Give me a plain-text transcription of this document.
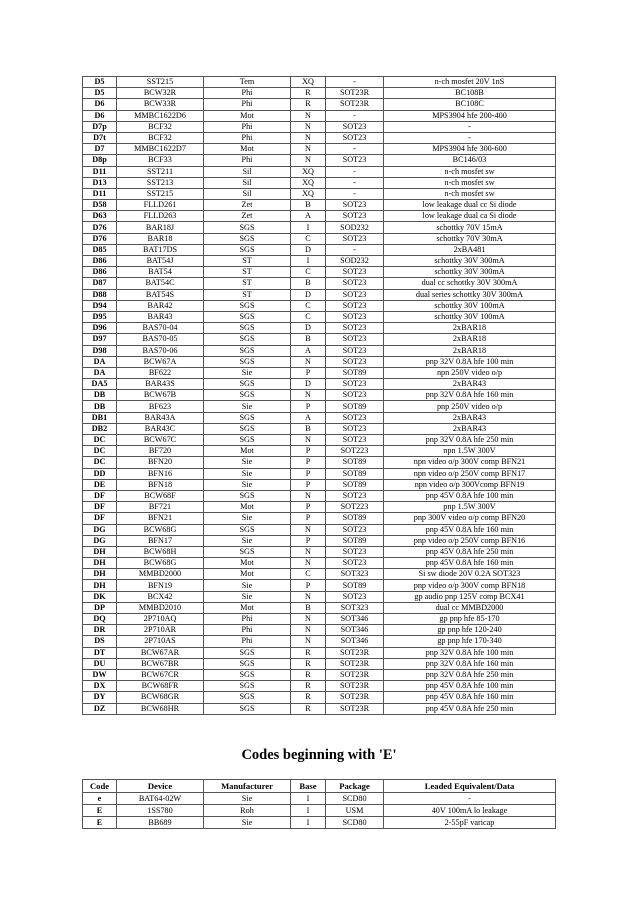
D5	SST215	Tem	XQ	-	n-ch mosfet 20V 1nS
D5	BCW32R	Phi	R	SOT23R	BC108B
D6	BCW33R	Phi	R	SOT23R	BC108C
D6	MMBC1622D6	Mot	N	-	MPS3904 hfe 200-400
D7p	BCF32	Phi	N	SOT23	-
D7t	BCF32	Phi	N	SOT23	-
D7	MMBC1622D7	Mot	N	-	MPS3904 hfe 300-600
D8p	BCF33	Phi	N	SOT23	BC146/03
D11	SST211	Sil	XQ	-	n-ch mosfet sw
D13	SST213	Sil	XQ	-	n-ch mosfet sw
D11	SST215	Sil	XQ	-	n-ch mosfet sw
D58	FLLD261	Zet	B	SOT23	low leakage dual cc Si diode
D63	FLLD263	Zet	A	SOT23	low leakage dual ca Si diode
D76	BAR18J	SGS	I	SOD232	schottky 70V 15mA
D76	BAR18	SGS	C	SOT23	schottky 70V 30mA
D85	BAT17DS	SGS	D	-	2xBA481
D86	BAT54J	ST	I	SOD232	schottky 30V 300mA
D86	BAT54	ST	C	SOT23	schottky 30V 300mA
D87	BAT54C	ST	B	SOT23	dual cc schottky 30V 300mA
D88	BAT54S	ST	D	SOT23	dual series schottky 30V 300mA
D94	BAR42	SGS	C	SOT23	schottky 30V 100mA
D95	BAR43	SGS	C	SOT23	schottky 30V 100mA
D96	BAS70-04	SGS	D	SOT23	2xBAR18
D97	BAS70-05	SGS	B	SOT23	2xBAR18
D98	BAS70-06	SGS	A	SOT23	2xBAR18
DA	BCW67A	SGS	N	SOT23	pnp 32V 0.8A hfe 100 min
DA	BF622	Sie	P	SOT89	npn 250V video o/p
DA5	BAR43S	SGS	D	SOT23	2xBAR43
DB	BCW67B	SGS	N	SOT23	pnp 32V 0.8A hfe 160 min
DB	BF623	Sie	P	SOT89	pnp 250V video o/p
DB1	BAR43A	SGS	A	SOT23	2xBAR43
DB2	BAR43C	SGS	B	SOT23	2xBAR43
DC	BCW67C	SGS	N	SOT23	pnp 32V 0.8A hfe 250 min
DC	BF720	Mot	P	SOT223	npn 1.5W 300V
DC	BFN20	Sie	P	SOT89	npn video o/p 300V comp BFN21
DD	BFN16	Sie	P	SOT89	npn video o/p 250V comp BFN17
DE	BFN18	Sie	P	SOT89	npn video o/p 300Vcomp BFN19
DF	BCW68F	SGS	N	SOT23	pnp 45V 0.8A hfe 100 min
DF	BF721	Mot	P	SOT223	pnp 1.5W 300V
DF	BFN21	Sie	P	SOT89	pnp 300V video o/p comp BFN20
DG	BCW68G	SGS	N	SOT23	pnp 45V 0.8A hfe 160 min
DG	BFN17	Sie	P	SOT89	pnp video o/p 250V comp BFN16
DH	BCW68H	SGS	N	SOT23	pnp 45V 0.8A hfe 250 min
DH	BCW68G	Mot	N	SOT23	pnp 45V 0.8A hfe 160 min
DH	MMBD2000	Mot	C	SOT323	Si sw diode 20V 0.2A SOT323
DH	BFN19	Sie	P	SOT89	pnp video o/p 300V comp BFN18
DK	BCX42	Sie	N	SOT23	gp audio pnp 125V comp BCX41
DP	MMBD2010	Mot	B	SOT323	dual cc MMBD2000
DQ	2P710AQ	Phi	N	SOT346	gp pnp hfe 85-170
DR	2P710AR	Phi	N	SOT346	gp pnp hfe 120-240
DS	2P710AS	Phi	N	SOT346	gp pnp hfe 170-340
DT	BCW67AR	SGS	R	SOT23R	pnp 32V 0.8A hfe 100 min
DU	BCW67BR	SGS	R	SOT23R	pnp 32V 0.8A hfe 160 min
DW	BCW67CR	SGS	R	SOT23R	pnp 32V 0.8A hfe 250 min
DX	BCW68FR	SGS	R	SOT23R	pnp 45V 0.8A hfe 100 min
DY	BCW68GR	SGS	R	SOT23R	pnp 45V 0.8A hfe 160 min
DZ	BCW68HR	SGS	R	SOT23R	pnp 45V 0.8A hfe 250 min
Codes beginning with 'E'
Code	Device	Manufacturer	Base	Package	Leaded Equivalent/Data
e	BAT64-02W	Sie	I	SCD80	-
E	1SS780	Roh	I	USM	40V 100mA lo leakage
E	BB689	Sie	I	SCD80	2-55pF varicap
